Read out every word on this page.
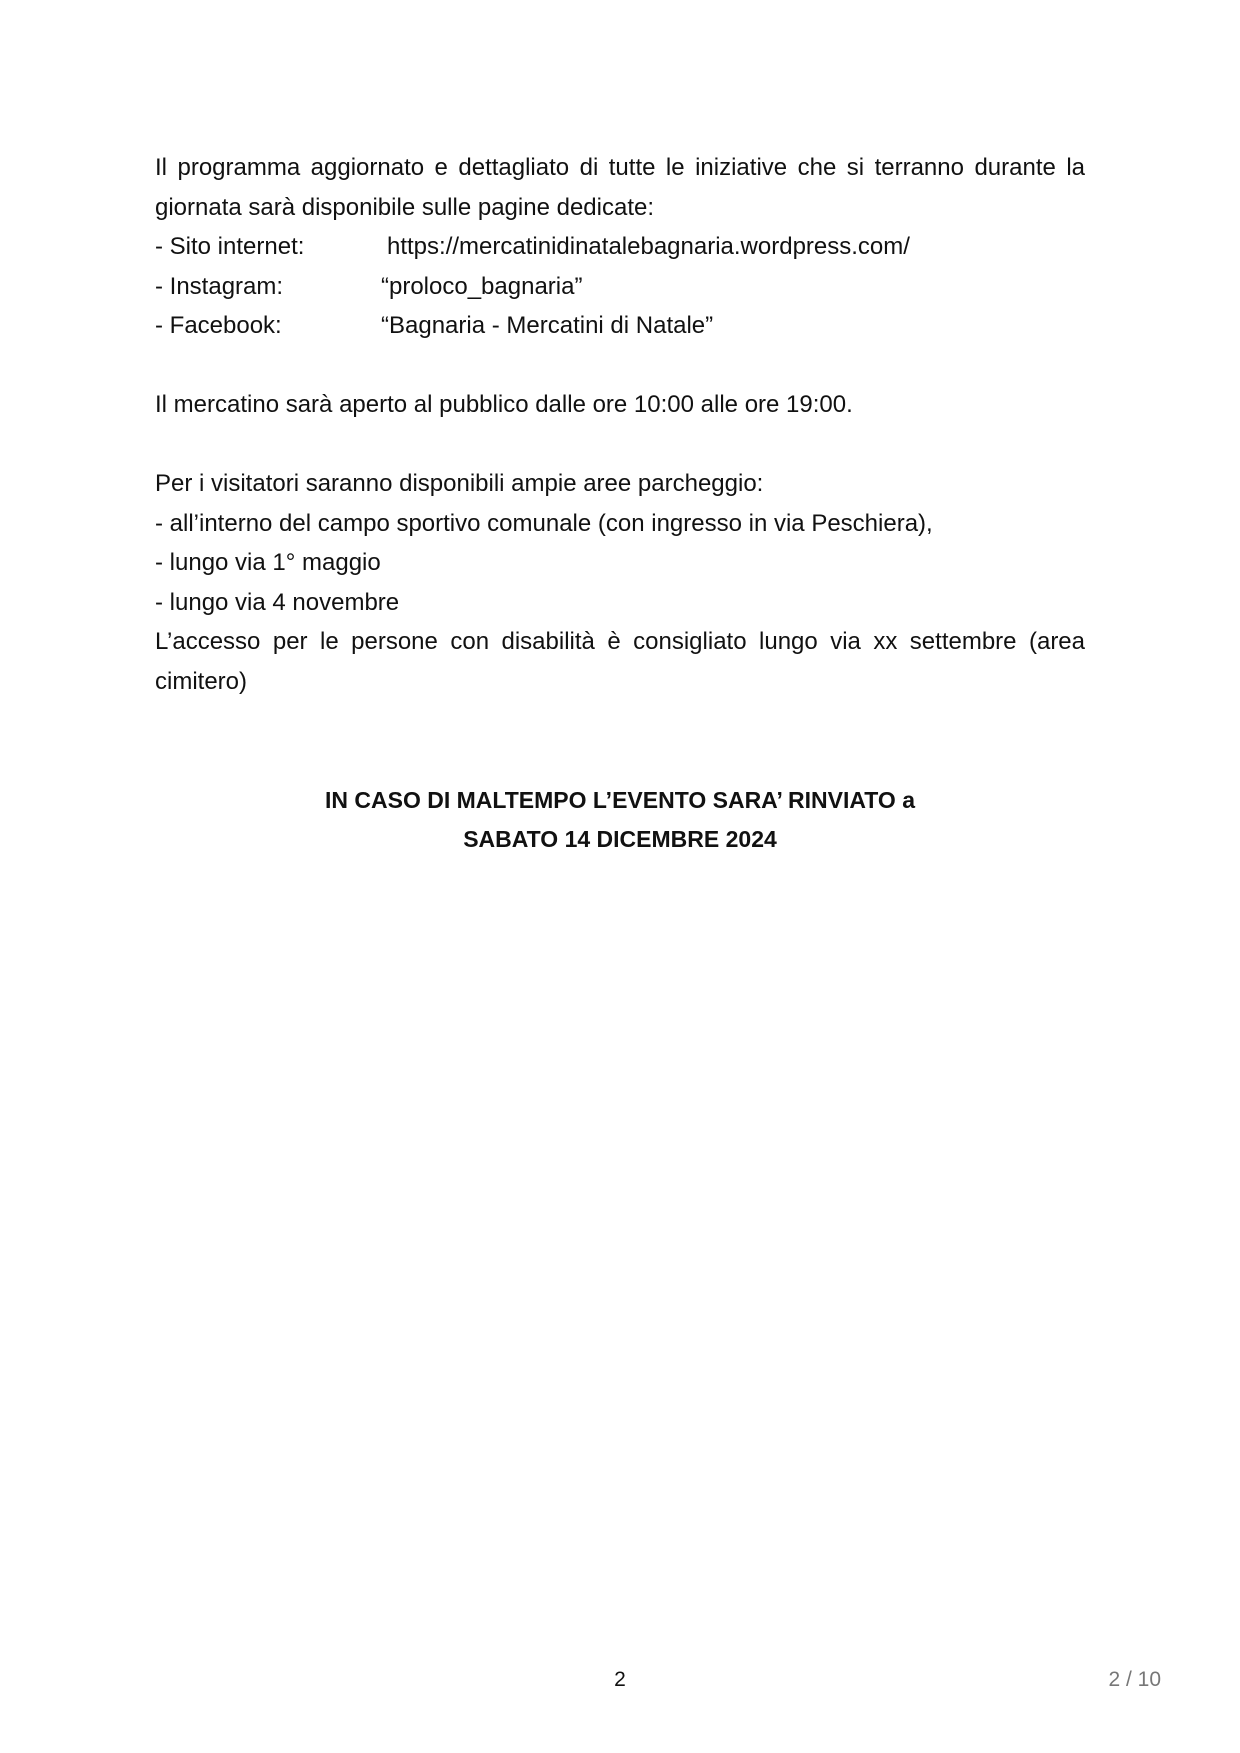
Il programma aggiornato e dettagliato di tutte le iniziative che si terranno durante la
giornata sarà disponibile sulle pagine dedicate:

- Sito internet:	https://mercatinidinatalebagnaria.wordpress.com/
- Instagram:	“proloco_bagnaria”
- Facebook:	“Bagnaria - Mercatini di Natale”

Il mercatino sarà aperto al pubblico dalle ore 10:00 alle ore 19:00.

Per i visitatori saranno disponibili ampie aree parcheggio:
- all’interno del campo sportivo comunale (con ingresso in via Peschiera),
- lungo via 1° maggio
- lungo via 4 novembre
L’accesso per le persone con disabilità è consigliato lungo via xx settembre (area
cimitero)
IN CASO DI MALTEMPO L’EVENTO SARA’ RINVIATO a
SABATO 14 DICEMBRE 2024
2	2 / 10
